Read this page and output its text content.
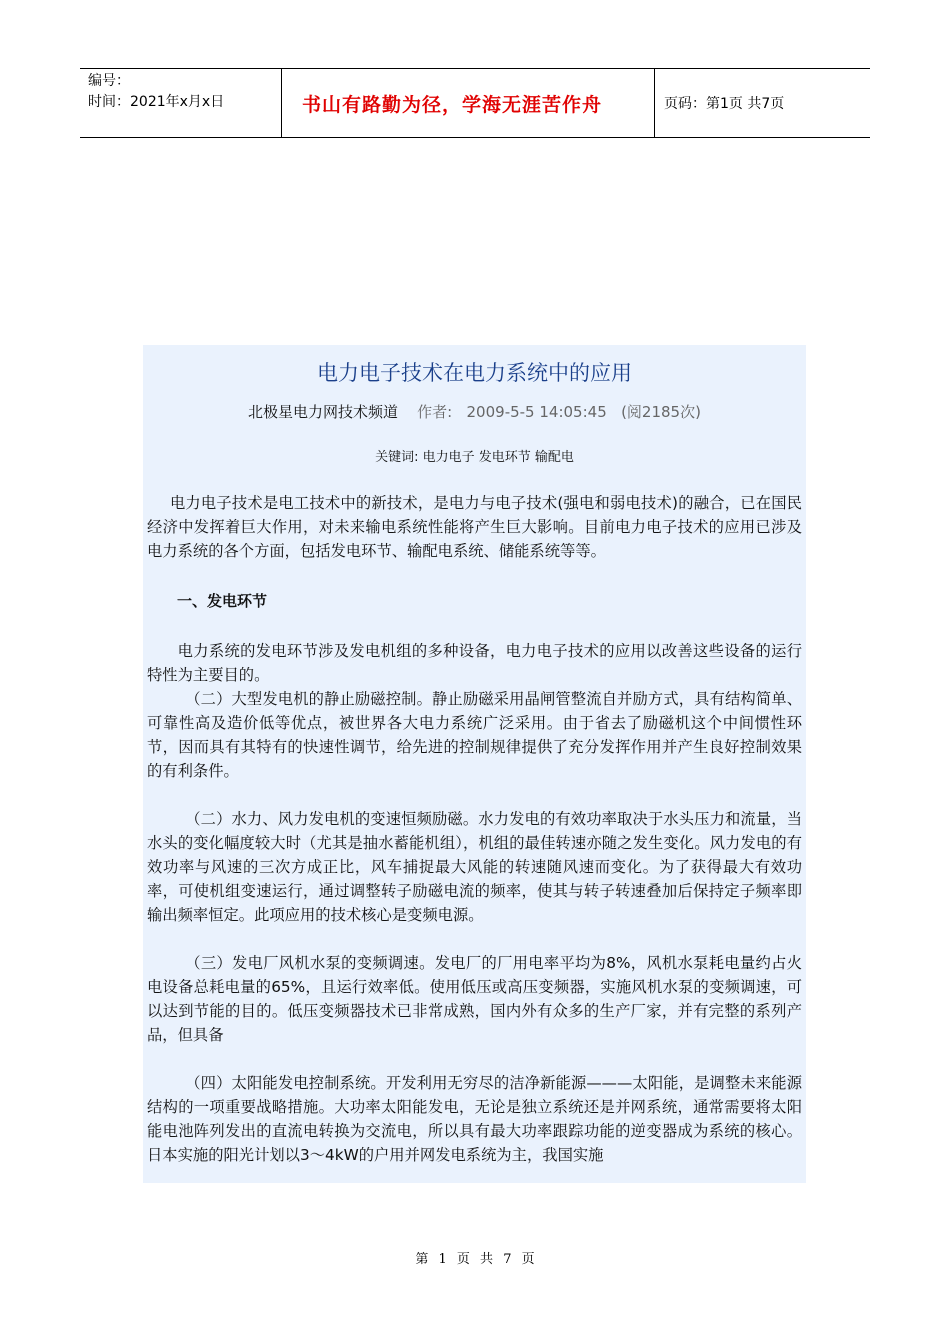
编号：
时间：2021年x月x日	书山有路勤为径，学海无涯苦作舟	页码：第1页 共7页
电力电子技术在电力系统中的应用
北极星电力网技术频道 作者: 2009-5-5 14:05:45 (阅2185次)
关键词: 电力电子 发电环节 输配电

电力电子技术是电工技术中的新技术，是电力与电子技术(强电和弱电技术)的融合，已在国民经济中发挥着巨大作用，对未来输电系统性能将产生巨大影响。目前电力电子技术的应用已涉及电力系统的各个方面，包括发电环节、输配电系统、储能系统等等。

一、发电环节

电力系统的发电环节涉及发电机组的多种设备，电力电子技术的应用以改善这些设备的运行特性为主要目的。

（二）大型发电机的静止励磁控制。静止励磁采用晶闸管整流自并励方式，具有结构简单、可靠性高及造价低等优点，被世界各大电力系统广泛采用。由于省去了励磁机这个中间惯性环节，因而具有其特有的快速性调节，给先进的控制规律提供了充分发挥作用并产生良好控制效果的有利条件。

（二）水力、风力发电机的变速恒频励磁。水力发电的有效功率取决于水头压力和流量，当水头的变化幅度较大时（尤其是抽水蓄能机组），机组的最佳转速亦随之发生变化。风力发电的有效功率与风速的三次方成正比，风车捕捉最大风能的转速随风速而变化。为了获得最大有效功率，可使机组变速运行，通过调整转子励磁电流的频率，使其与转子转速叠加后保持定子频率即输出频率恒定。此项应用的技术核心是变频电源。

（三）发电厂风机水泵的变频调速。发电厂的厂用电率平均为8%，风机水泵耗电量约占火电设备总耗电量的65%，且运行效率低。使用低压或高压变频器，实施风机水泵的变频调速，可以达到节能的目的。低压变频器技术已非常成熟，国内外有众多的生产厂家，并有完整的系列产品，但具备

（四）太阳能发电控制系统。开发利用无穷尽的洁净新能源———太阳能，是调整未来能源结构的一项重要战略措施。大功率太阳能发电，无论是独立系统还是并网系统，通常需要将太阳能电池阵列发出的直流电转换为交流电，所以具有最大功率跟踪功能的逆变器成为系统的核心。日本实施的阳光计划以3～4kW的户用并网发电系统为主，我国实施

第 1 页 共 7 页
